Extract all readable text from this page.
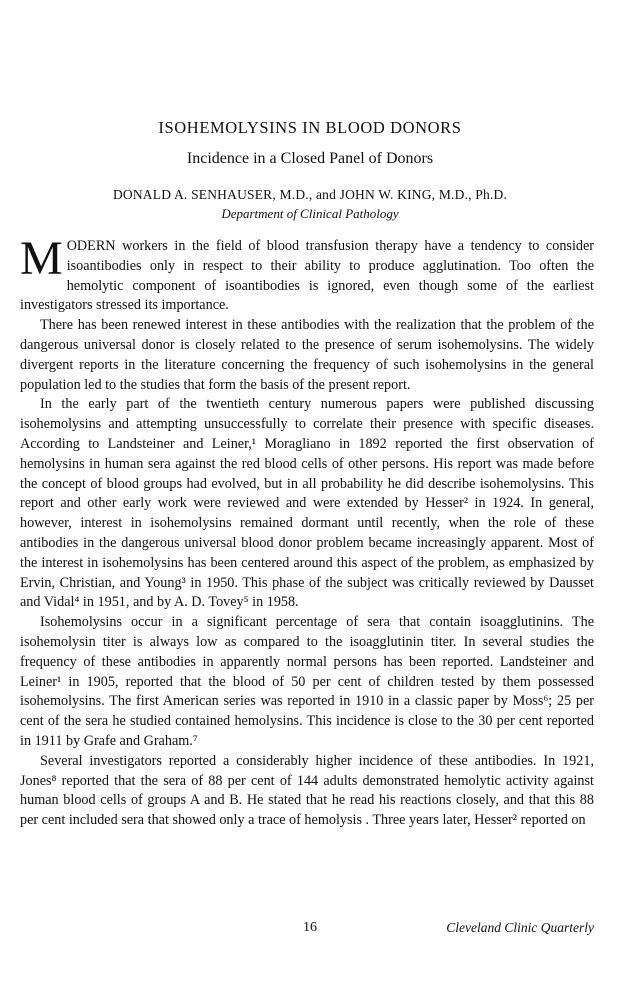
ISOHEMOLYSINS IN BLOOD DONORS
Incidence in a Closed Panel of Donors
DONALD A. SENHAUSER, M.D., and JOHN W. KING, M.D., Ph.D.
Department of Clinical Pathology

MODERN workers in the field of blood transfusion therapy have a tendency to consider isoantibodies only in respect to their ability to produce agglutination. Too often the hemolytic component of isoantibodies is ignored, even though some of the earliest investigators stressed its importance.

There has been renewed interest in these antibodies with the realization that the problem of the dangerous universal donor is closely related to the presence of serum isohemolysins. The widely divergent reports in the literature concerning the frequency of such isohemolysins in the general population led to the studies that form the basis of the present report.

In the early part of the twentieth century numerous papers were published discussing isohemolysins and attempting unsuccessfully to correlate their presence with specific diseases. According to Landsteiner and Leiner,¹ Moragliano in 1892 reported the first observation of hemolysins in human sera against the red blood cells of other persons. His report was made before the concept of blood groups had evolved, but in all probability he did describe isohemolysins. This report and other early work were reviewed and were extended by Hesser² in 1924. In general, however, interest in isohemolysins remained dormant until recently, when the role of these antibodies in the dangerous universal blood donor problem became increasingly apparent. Most of the interest in isohemolysins has been centered around this aspect of the problem, as emphasized by Ervin, Christian, and Young³ in 1950. This phase of the subject was critically reviewed by Dausset and Vidal⁴ in 1951, and by A. D. Tovey⁵ in 1958.

Isohemolysins occur in a significant percentage of sera that contain isoagglutinins. The isohemolysin titer is always low as compared to the isoagglutinin titer. In several studies the frequency of these antibodies in apparently normal persons has been reported. Landsteiner and Leiner¹ in 1905, reported that the blood of 50 per cent of children tested by them possessed isohemolysins. The first American series was reported in 1910 in a classic paper by Moss⁶; 25 per cent of the sera he studied contained hemolysins. This incidence is close to the 30 per cent reported in 1911 by Grafe and Graham.⁷

Several investigators reported a considerably higher incidence of these antibodies. In 1921, Jones⁸ reported that the sera of 88 per cent of 144 adults demonstrated hemolytic activity against human blood cells of groups A and B. He stated that he read his reactions closely, and that this 88 per cent included sera that showed only a trace of hemolysis . Three years later, Hesser² reported on

16	Cleveland Clinic Quarterly
